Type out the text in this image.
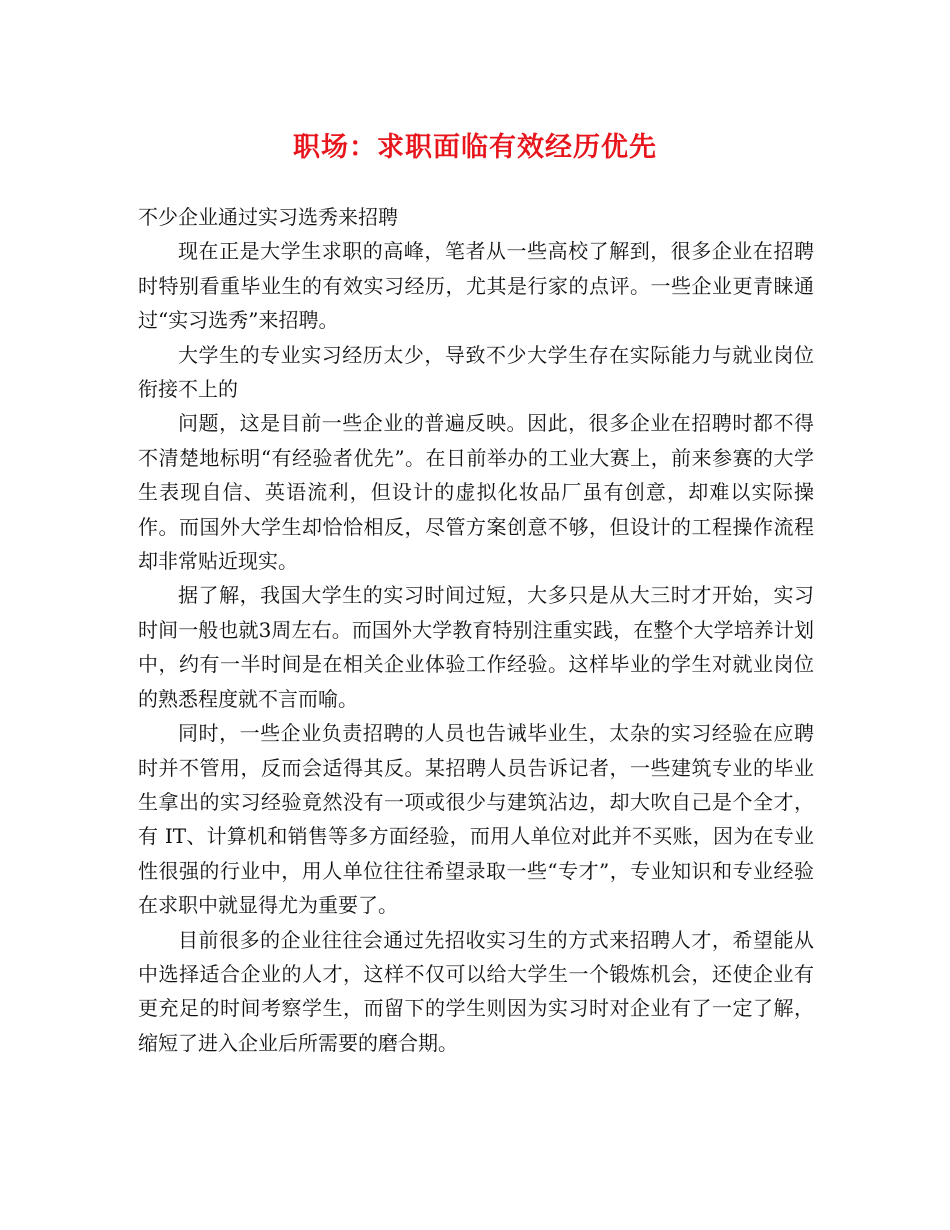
职场：求职面临有效经历优先

不少企业通过实习选秀来招聘

现在正是大学生求职的高峰，笔者从一些高校了解到，很多企业在招聘时特别看重毕业生的有效实习经历，尤其是行家的点评。一些企业更青睐通过“实习选秀”来招聘。

大学生的专业实习经历太少，导致不少大学生存在实际能力与就业岗位衔接不上的

问题，这是目前一些企业的普遍反映。因此，很多企业在招聘时都不得不清楚地标明“有经验者优先”。在日前举办的工业大赛上，前来参赛的大学生表现自信、英语流利，但设计的虚拟化妆品厂虽有创意，却难以实际操作。而国外大学生却恰恰相反，尽管方案创意不够，但设计的工程操作流程却非常贴近现实。

据了解，我国大学生的实习时间过短，大多只是从大三时才开始，实习时间一般也就3周左右。而国外大学教育特别注重实践，在整个大学培养计划中，约有一半时间是在相关企业体验工作经验。这样毕业的学生对就业岗位的熟悉程度就不言而喻。

同时，一些企业负责招聘的人员也告诫毕业生，太杂的实习经验在应聘时并不管用，反而会适得其反。某招聘人员告诉记者，一些建筑专业的毕业生拿出的实习经验竟然没有一项或很少与建筑沾边，却大吹自己是个全才，有 IT、计算机和销售等多方面经验，而用人单位对此并不买账，因为在专业性很强的行业中，用人单位往往希望录取一些“专才”，专业知识和专业经验在求职中就显得尤为重要了。

目前很多的企业往往会通过先招收实习生的方式来招聘人才，希望能从中选择适合企业的人才，这样不仅可以给大学生一个锻炼机会，还使企业有更充足的时间考察学生，而留下的学生则因为实习时对企业有了一定了解，缩短了进入企业后所需要的磨合期。
